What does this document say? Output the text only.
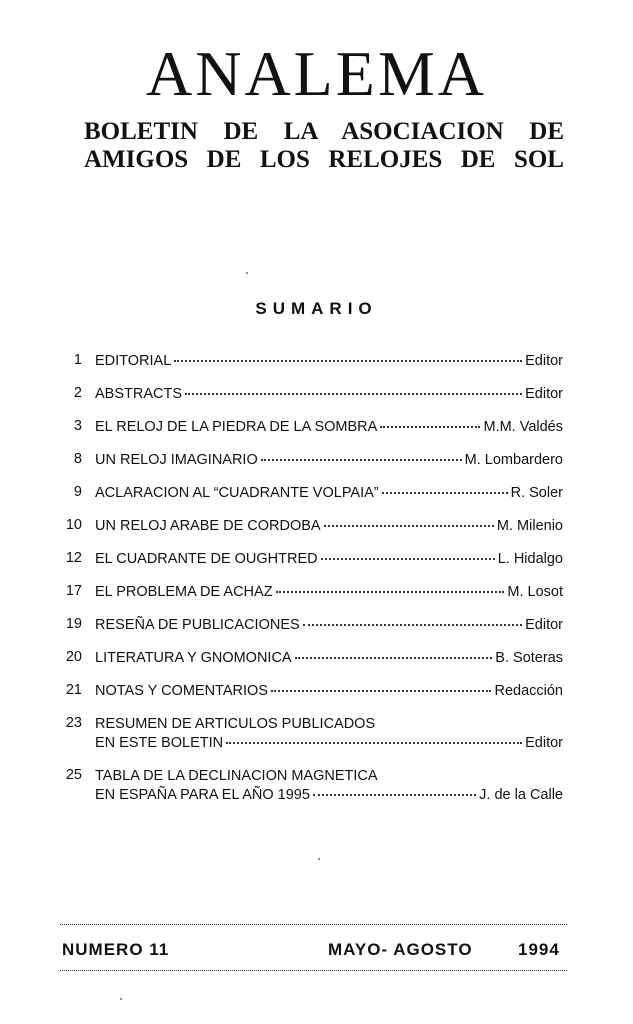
ANALEMA

BOLETIN DE LA ASOCIACION DE

AMIGOS DE LOS RELOJES DE SOL

SUMARIO
1 EDITORIAL	Editor
2 ABSTRACTS	Editor
3 EL RELOJ DE LA PIEDRA DE LA SOMBRA	M.M. Valdés
8 UN RELOJ IMAGINARIO	M. Lombardero
9 ACLARACION AL “CUADRANTE VOLPAIA”	R. Soler
10 UN RELOJ ARABE DE CORDOBA	M. Milenio
12 EL CUADRANTE DE OUGHTRED	L. Hidalgo
17 EL PROBLEMA DE ACHAZ	M. Losot
19 RESEÑA DE PUBLICACIONES	Editor
20 LITERATURA Y GNOMONICA	B. Soteras
21 NOTAS Y COMENTARIOS	Redacción
23 RESUMEN DE ARTICULOS PUBLICADOS
EN ESTE BOLETIN	Editor
25 TABLA DE LA DECLINACION MAGNETICA
EN ESPAÑA PARA EL AÑO 1995	J. de la Calle
NUMERO 11	MAYO- AGOSTO	1994
